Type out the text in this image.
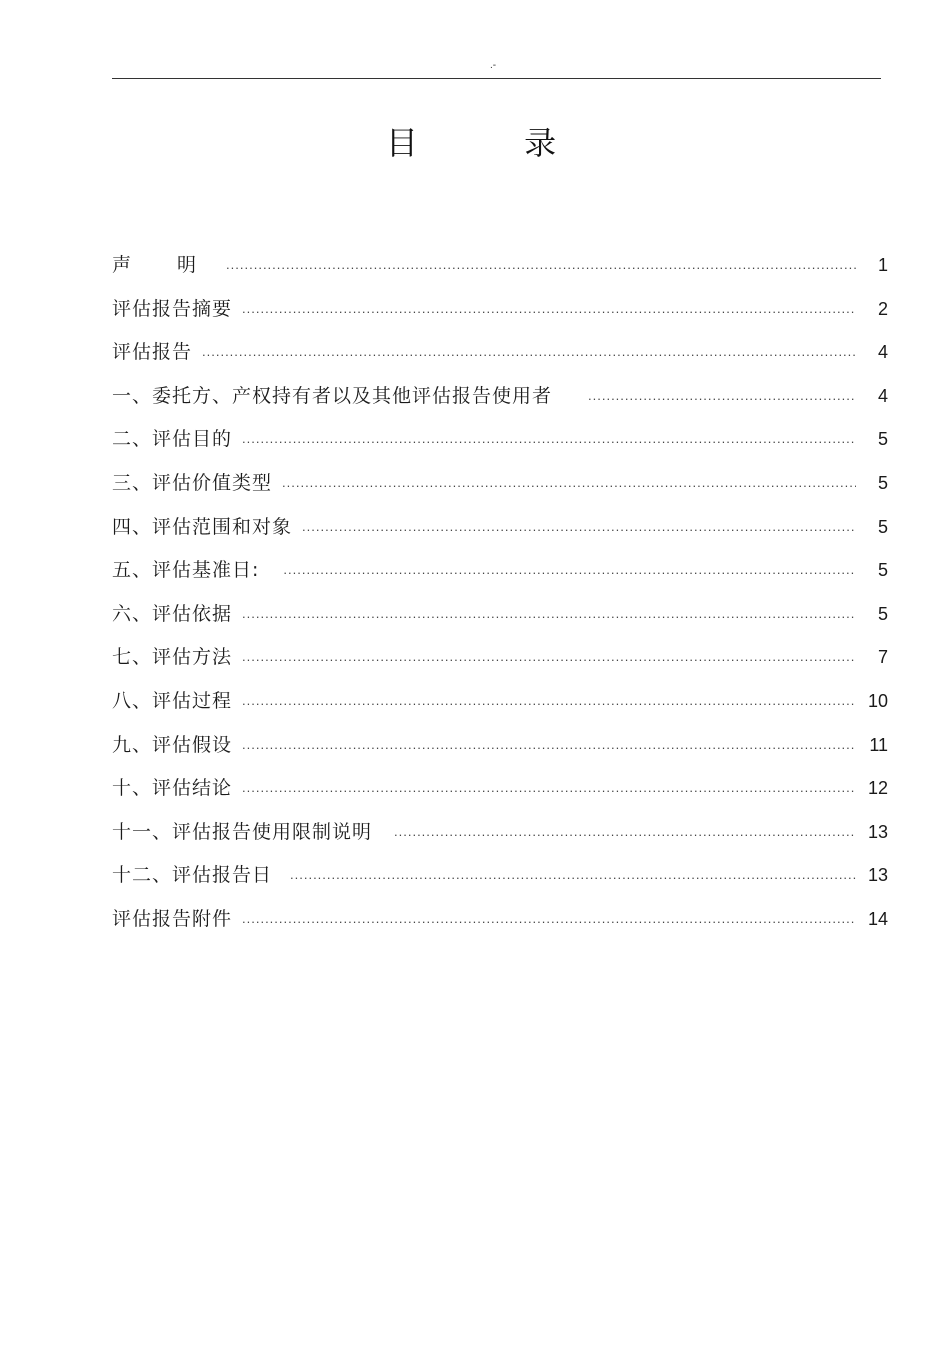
.-
目 录
声 明 .....	1
评估报告摘要 .....	2
评估报告 .....	4
一、委托方、产权持有者以及其他评估报告使用者 .....	4
二、评估目的 .....	5
三、评估价值类型 .....	5
四、评估范围和对象 .....	5
五、评估基准日: .....	5
六、评估依据 .....	5
七、评估方法 .....	7
八、评估过程 .....	10
九、评估假设 .....	11
十、评估结论 .....	12
十一、评估报告使用限制说明 .....	13
十二、评估报告日 .....	13
评估报告附件 .....	14
